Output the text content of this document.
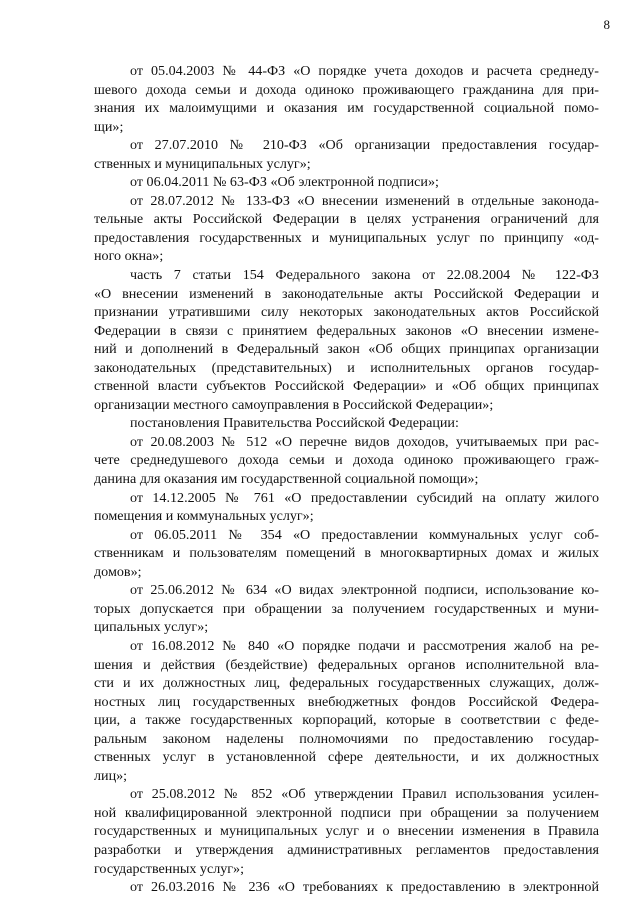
8
от 05.04.2003 № 44-ФЗ «О порядке учета доходов и расчета среднеду-
шевого дохода семьи и дохода одиноко проживающего гражданина для при-
знания их малоимущими и оказания им государственной социальной помо-
щи»;
от 27.07.2010 № 210-ФЗ «Об организации предоставления государ-
ственных и муниципальных услуг»;
от 06.04.2011 № 63-ФЗ «Об электронной подписи»;
от 28.07.2012 № 133-ФЗ «О внесении изменений в отдельные законода-
тельные акты Российской Федерации в целях устранения ограничений для
предоставления государственных и муниципальных услуг по принципу «од-
ного окна»;
часть 7 статьи 154 Федерального закона от 22.08.2004 № 122-ФЗ
«О внесении изменений в законодательные акты Российской Федерации и
признании утратившими силу некоторых законодательных актов Российской
Федерации в связи с принятием федеральных законов «О внесении измене-
ний и дополнений в Федеральный закон «Об общих принципах организации
законодательных (представительных) и исполнительных органов государ-
ственной власти субъектов Российской Федерации» и «Об общих принципах
организации местного самоуправления в Российской Федерации»;
постановления Правительства Российской Федерации:
от 20.08.2003 № 512 «О перечне видов доходов, учитываемых при рас-
чете среднедушевого дохода семьи и дохода одиноко проживающего граж-
данина для оказания им государственной социальной помощи»;
от 14.12.2005 № 761 «О предоставлении субсидий на оплату жилого
помещения и коммунальных услуг»;
от 06.05.2011 № 354 «О предоставлении коммунальных услуг соб-
ственникам и пользователям помещений в многоквартирных домах и жилых
домов»;
от 25.06.2012 № 634 «О видах электронной подписи, использование ко-
торых допускается при обращении за получением государственных и муни-
ципальных услуг»;
от 16.08.2012 № 840 «О порядке подачи и рассмотрения жалоб на ре-
шения и действия (бездействие) федеральных органов исполнительной вла-
сти и их должностных лиц, федеральных государственных служащих, долж-
ностных лиц государственных внебюджетных фондов Российской Федера-
ции, а также государственных корпораций, которые в соответствии с феде-
ральным законом наделены полномочиями по предоставлению государ-
ственных услуг в установленной сфере деятельности, и их должностных
лиц»;
от 25.08.2012 № 852 «Об утверждении Правил использования усилен-
ной квалифицированной электронной подписи при обращении за получением
государственных и муниципальных услуг и о внесении изменения в Правила
разработки и утверждения административных регламентов предоставления
государственных услуг»;
от 26.03.2016 № 236 «О требованиях к предоставлению в электронной
